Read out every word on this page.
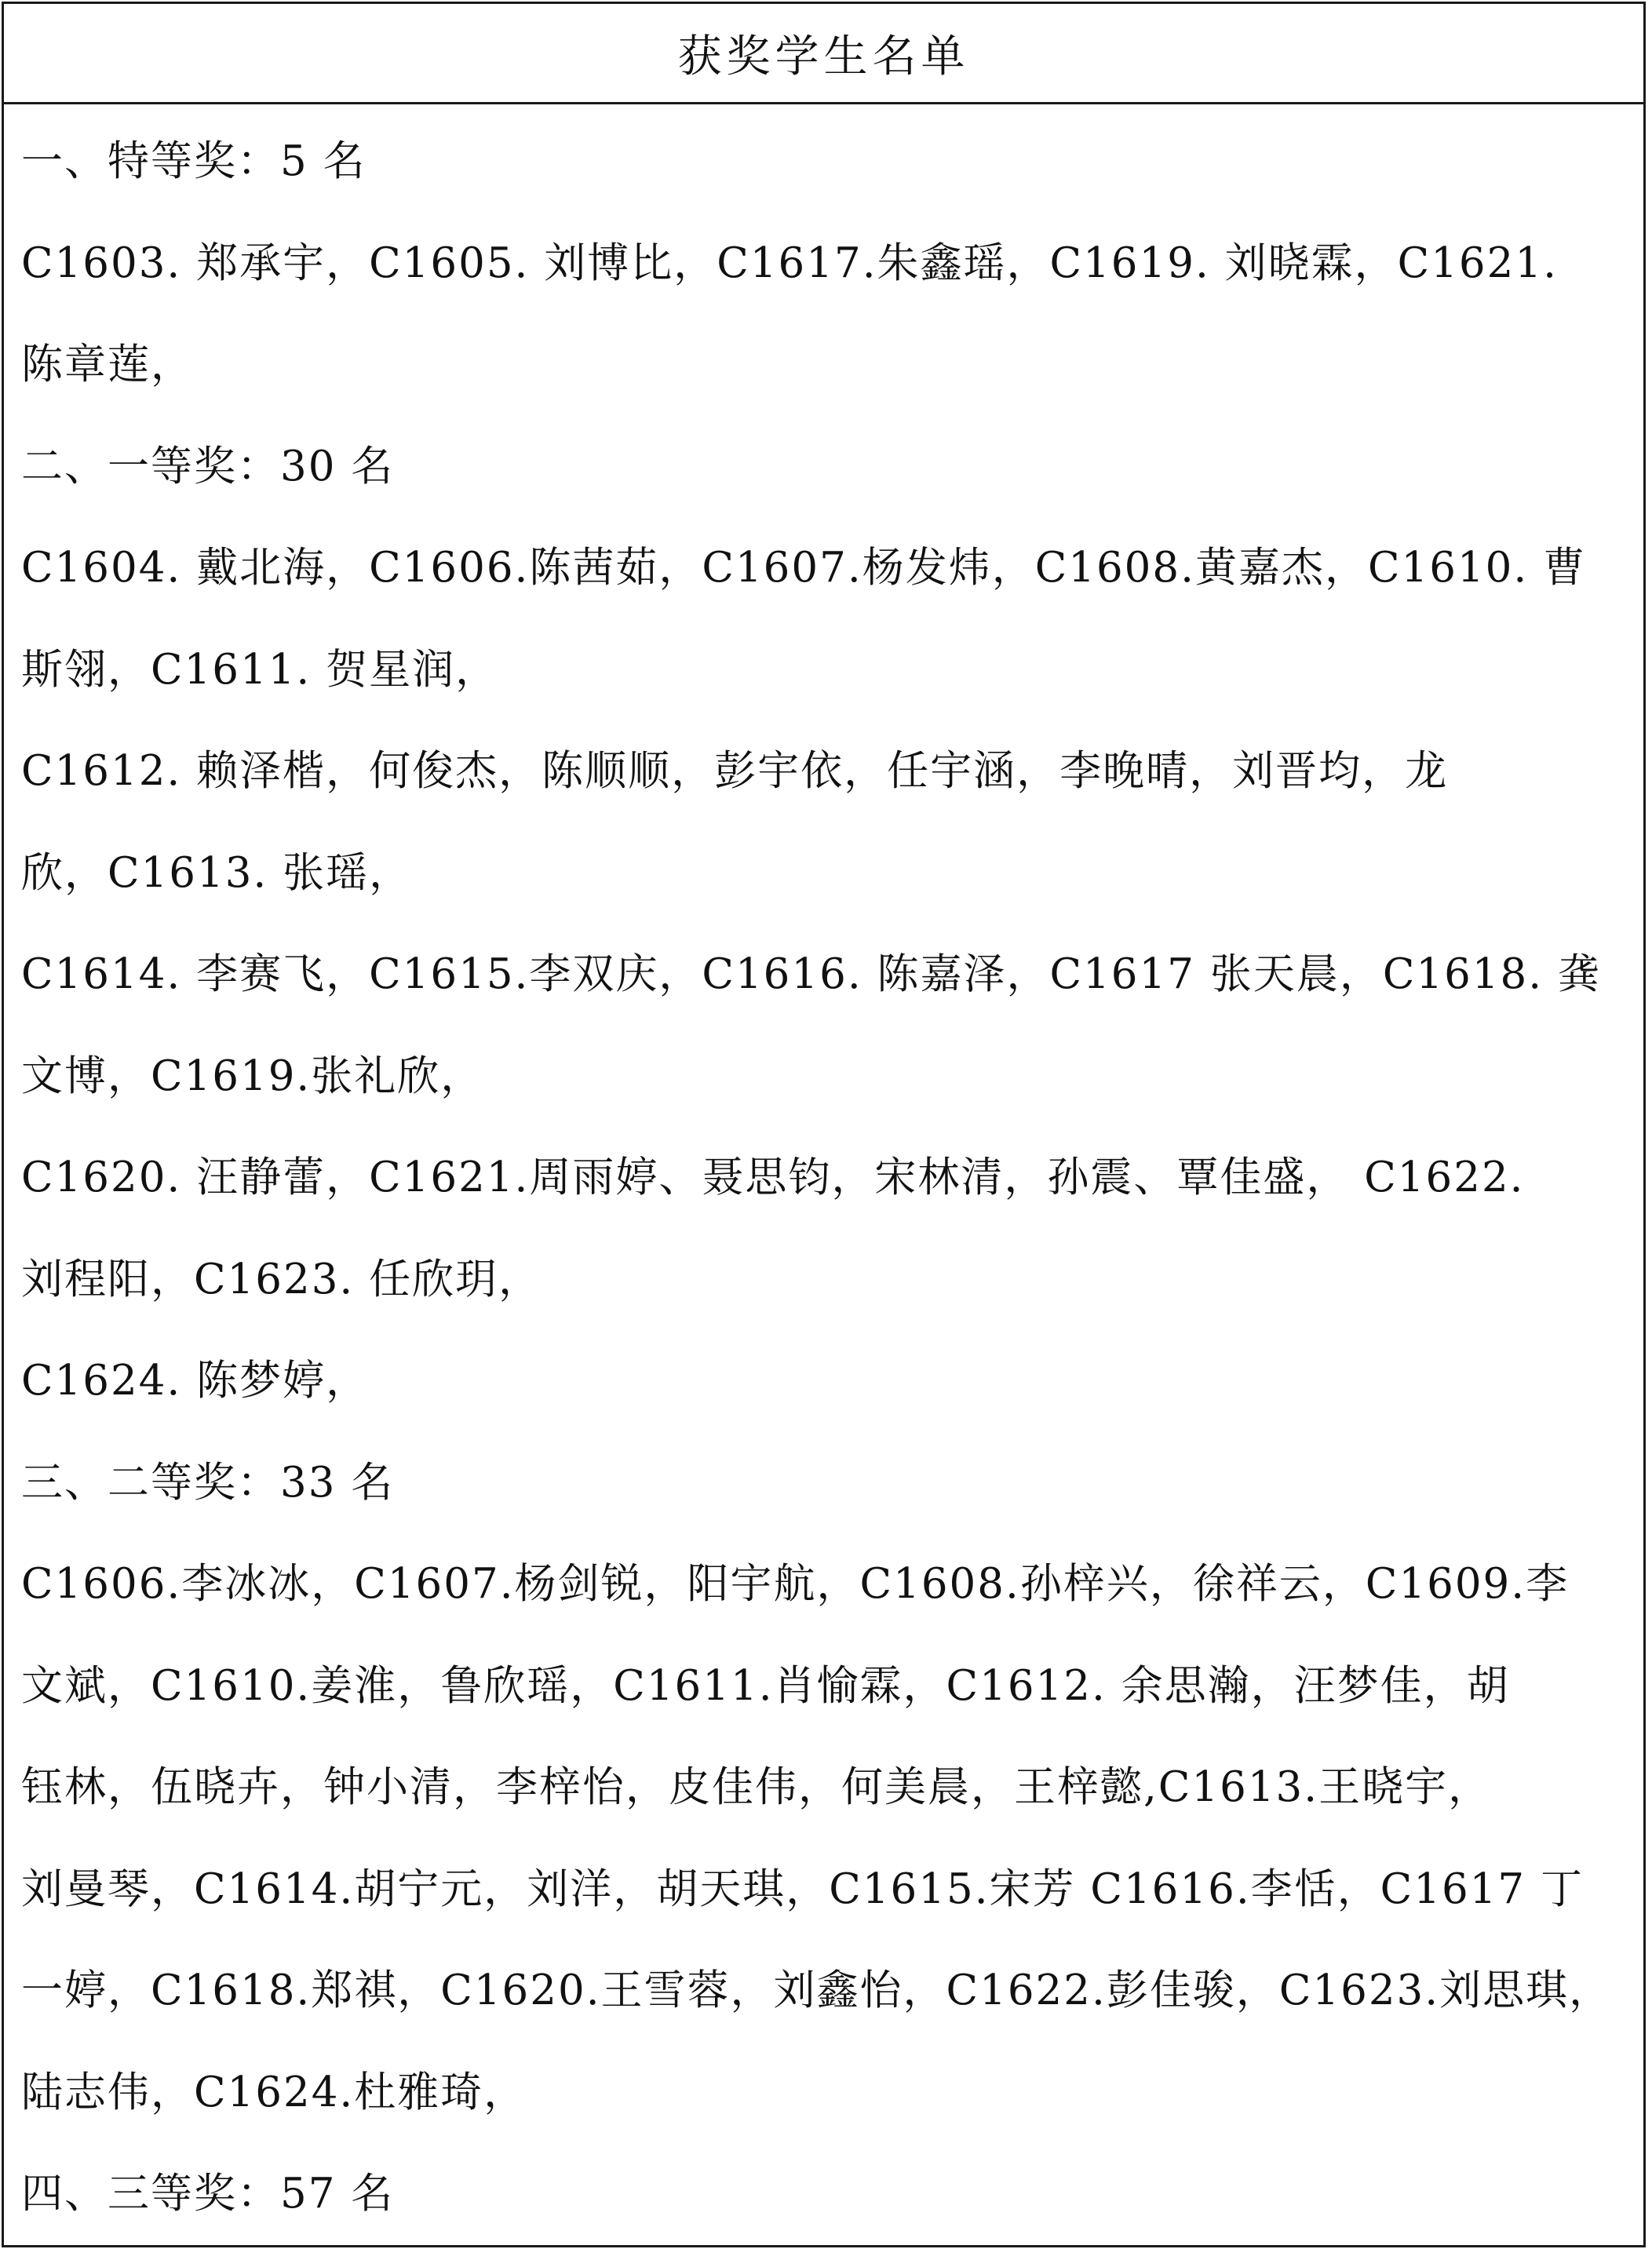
获奖学生名单
一、特等奖：5 名
C1603. 郑承宇，C1605. 刘博比，C1617.朱鑫瑶，C1619. 刘晓霖，C1621.
陈章莲，
二、一等奖：30 名
C1604. 戴北海，C1606.陈茜茹，C1607.杨发炜，C1608.黄嘉杰，C1610. 曹
斯翎，C1611. 贺星润，
C1612. 赖泽楷，何俊杰，陈顺顺，彭宇依，任宇涵，李晚晴，刘晋均，龙
欣，C1613. 张瑶，
C1614. 李赛飞，C1615.李双庆，C1616. 陈嘉泽，C1617 张天晨，C1618. 龚
文博，C1619.张礼欣，
C1620. 汪静蕾，C1621.周雨婷、聂思钧，宋林清，孙震、覃佳盛， C1622.
刘程阳，C1623. 任欣玥，
C1624. 陈梦婷，
三、二等奖：33 名
C1606.李冰冰，C1607.杨剑锐，阳宇航，C1608.孙梓兴，徐祥云，C1609.李
文斌，C1610.姜淮，鲁欣瑶，C1611.肖愉霖，C1612. 余思瀚，汪梦佳，胡
钰林，伍晓卉，钟小清，李梓怡，皮佳伟，何美晨，王梓懿,C1613.王晓宇，
刘曼琴，C1614.胡宁元，刘洋，胡天琪，C1615.宋芳 C1616.李恬，C1617 丁
一婷，C1618.郑祺，C1620.王雪蓉，刘鑫怡，C1622.彭佳骏，C1623.刘思琪，
陆志伟，C1624.杜雅琦，
四、三等奖：57 名
